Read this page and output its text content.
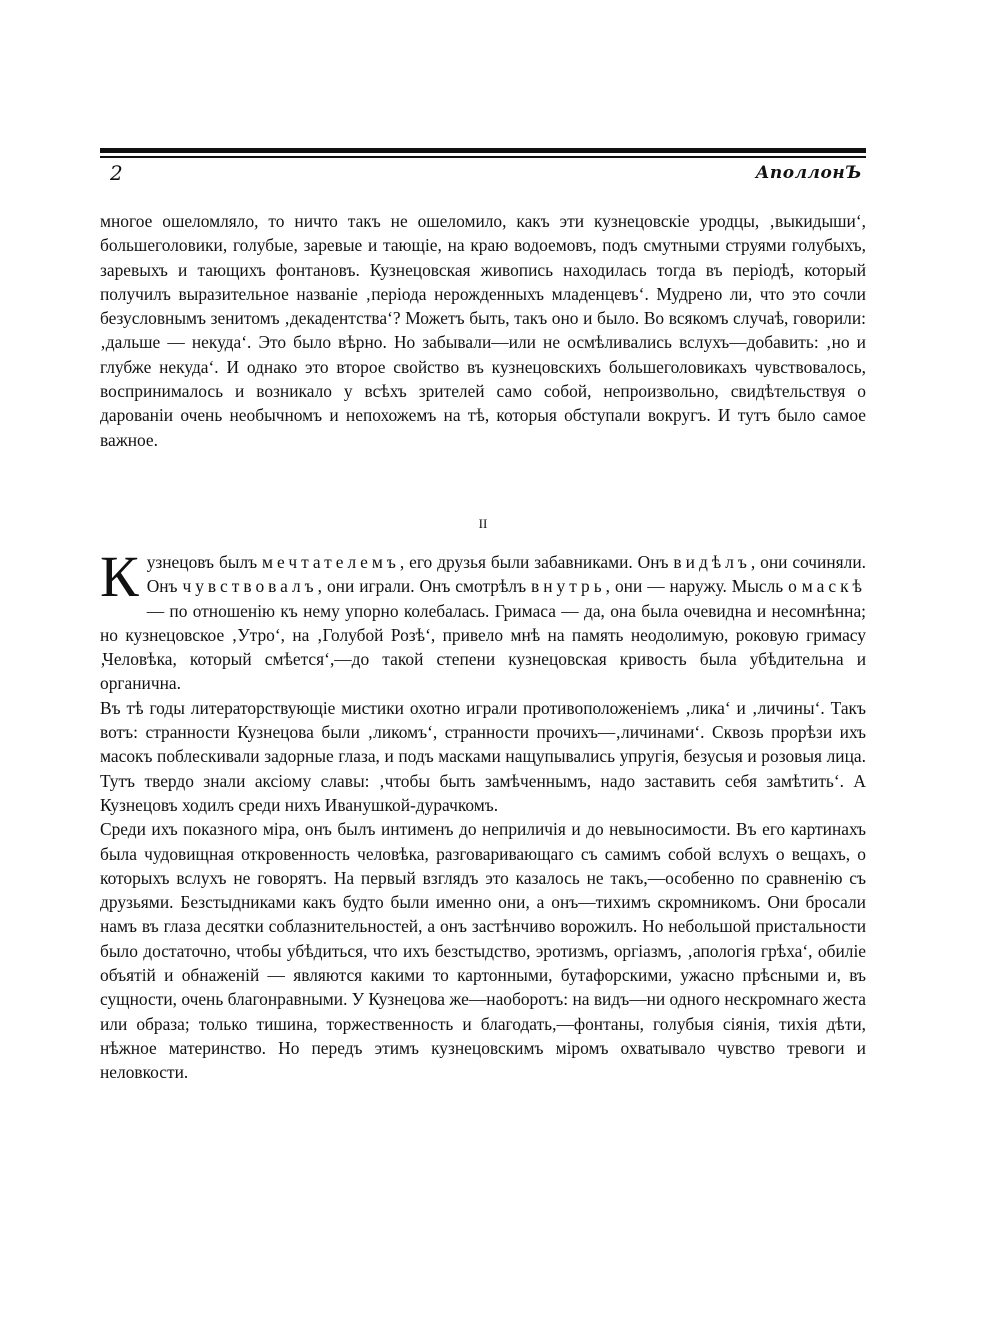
2	АполлонЪ

многое ошеломляло, то ничто такъ не ошеломило, какъ эти кузнецовскіе уродцы, ‚выкидыши‘, большеголовики, голубые, заревые и тающіе, на краю водоемовъ, подъ смутными струями голубыхъ, заревыхъ и тающихъ фонтановъ. Кузнецовская живопись находилась тогда въ періодѣ, который получилъ выразительное названіе ‚періода нерожденныхъ младенцевъ‘. Мудрено ли, что это сочли безусловнымъ зенитомъ ‚декадентства‘? Можетъ быть, такъ оно и было. Во всякомъ случаѣ, говорили: ‚дальше — некуда‘. Это было вѣрно. Но забывали—или не осмѣливались вслухъ—добавить: ‚но и глубже некуда‘. И однако это второе свойство въ кузнецовскихъ большеголовикахъ чувствовалось, воспринималось и возникало у всѣхъ зрителей само собой, непроизвольно, свидѣтельствуя о дарованіи очень необычномъ и непохожемъ на тѣ, которыя обступали вокругъ. И тутъ было самое важное.

II

Кузнецовъ былъ мечтателемъ, его друзья были забавниками. Онъ видѣлъ, они сочиняли. Онъ чувствовалъ, они играли. Онъ смотрѣлъ внутрь, они — наружу. Мысль о маскѣ — по отношенію къ нему упорно колебалась. Гримаса — да, она была очевидна и несомнѣнна; но кузнецовское ‚Утро‘, на ‚Голубой Розѣ‘, привело мнѣ на память неодолимую, роковую гримасу ‚Человѣка, который смѣется‘,—до такой степени кузнецовская кривость была убѣдительна и органична.

Въ тѣ годы литераторствующіе мистики охотно играли противоположеніемъ ‚лика‘ и ‚личины‘. Такъ вотъ: странности Кузнецова были ‚ликомъ‘, странности прочихъ—‚личинами‘. Сквозь прорѣзи ихъ масокъ поблескивали задорные глаза, и подъ масками нащупывались упругія, безусыя и розовыя лица. Тутъ твердо знали аксіому славы: ‚чтобы быть замѣченнымъ, надо заставить себя замѣтить‘. А Кузнецовъ ходилъ среди нихъ Иванушкой-дурачкомъ.

Среди ихъ показного міра, онъ былъ интименъ до неприличія и до невыносимости. Въ его картинахъ была чудовищная откровенность человѣка, разговаривающаго съ самимъ собой вслухъ о вещахъ, о которыхъ вслухъ не говорятъ. На первый взглядъ это казалось не такъ,—особенно по сравненію съ друзьями. Безстыдниками какъ будто были именно они, а онъ—тихимъ скромникомъ. Они бросали намъ въ глаза десятки соблазнительностей, а онъ застѣнчиво ворожилъ. Но небольшой пристальности было достаточно, чтобы убѣдиться, что ихъ безстыдство, эротизмъ, оргіазмъ, ‚апологія грѣха‘, обиліе объятій и обнаженій — являются какими то картонными, бутафорскими, ужасно прѣсными и, въ сущности, очень благонравными. У Кузнецова же—наоборотъ: на видъ—ни одного нескромнаго жеста или образа; только тишина, торжественность и благодать,—фонтаны, голубыя сіянія, тихія дѣти, нѣжное материнство. Но передъ этимъ кузнецовскимъ міромъ охватывало чувство тревоги и неловкости.
